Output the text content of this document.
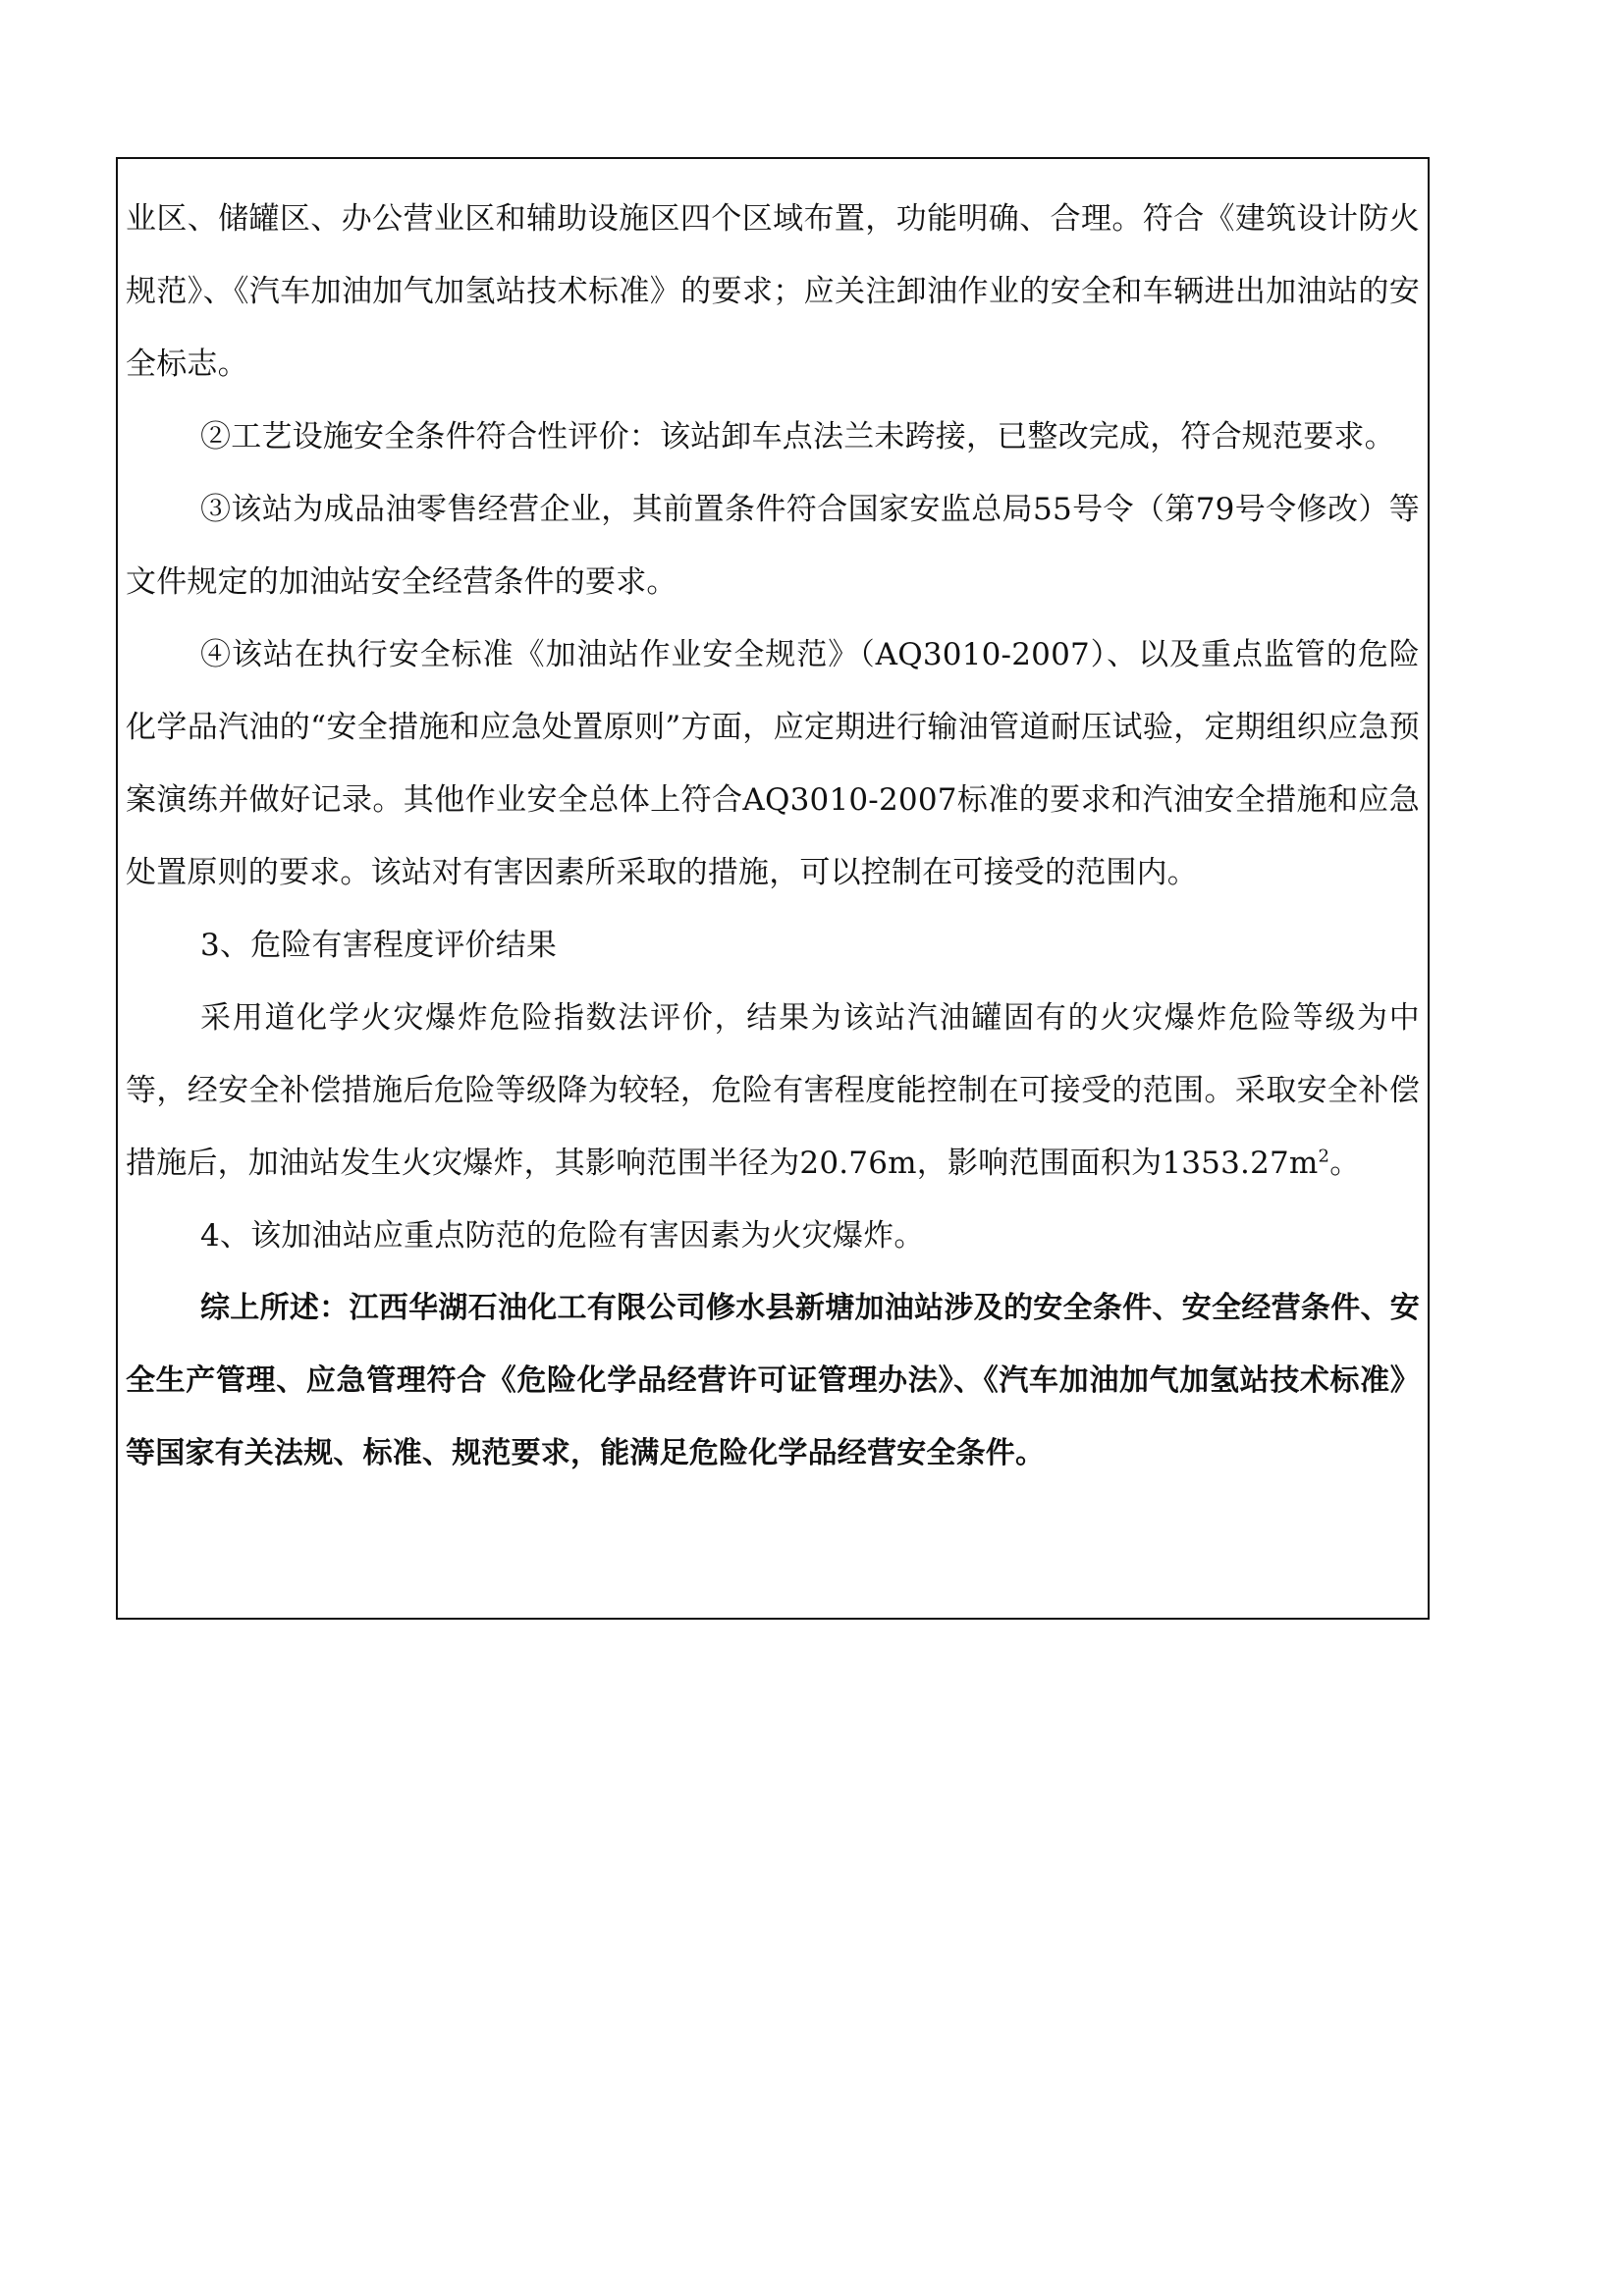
业区、储罐区、办公营业区和辅助设施区四个区域布置，功能明确、合理。符合《建筑设计防火规范》、《汽车加油加气加氢站技术标准》的要求；应关注卸油作业的安全和车辆进出加油站的安全标志。

②工艺设施安全条件符合性评价：该站卸车点法兰未跨接，已整改完成，符合规范要求。

③该站为成品油零售经营企业，其前置条件符合国家安监总局55号令（第79号令修改）等文件规定的加油站安全经营条件的要求。

④该站在执行安全标准《加油站作业安全规范》（AQ3010-2007）、以及重点监管的危险化学品汽油的“安全措施和应急处置原则”方面，应定期进行输油管道耐压试验，定期组织应急预案演练并做好记录。其他作业安全总体上符合AQ3010-2007标准的要求和汽油安全措施和应急处置原则的要求。该站对有害因素所采取的措施，可以控制在可接受的范围内。

3、危险有害程度评价结果

采用道化学火灾爆炸危险指数法评价，结果为该站汽油罐固有的火灾爆炸危险等级为中等，经安全补偿措施后危险等级降为较轻，危险有害程度能控制在可接受的范围。采取安全补偿措施后，加油站发生火灾爆炸，其影响范围半径为20.76m，影响范围面积为$1353.27m^2$。

4、该加油站应重点防范的危险有害因素为火灾爆炸。

综上所述：江西华湖石油化工有限公司修水县新塘加油站涉及的安全条件、安全经营条件、安全生产管理、应急管理符合《危险化学品经营许可证管理办法》、《汽车加油加气加氢站技术标准》等国家有关法规、标准、规范要求，能满足危险化学品经营安全条件。
